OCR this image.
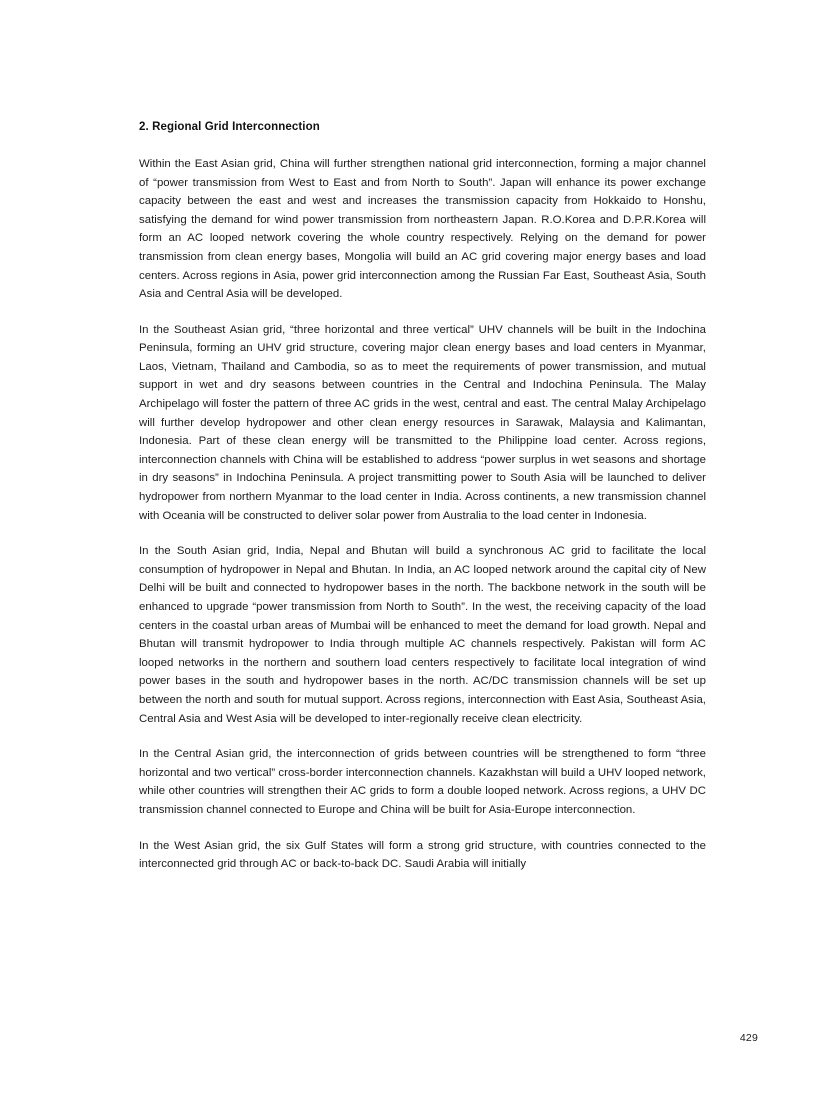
2. Regional Grid Interconnection

Within the East Asian grid, China will further strengthen national grid interconnection, forming a major channel of “power transmission from West to East and from North to South”. Japan will enhance its power exchange capacity between the east and west and increases the transmission capacity from Hokkaido to Honshu, satisfying the demand for wind power transmission from northeastern Japan. R.O.Korea and D.P.R.Korea will form an AC looped network covering the whole country respectively. Relying on the demand for power transmission from clean energy bases, Mongolia will build an AC grid covering major energy bases and load centers. Across regions in Asia, power grid interconnection among the Russian Far East, Southeast Asia, South Asia and Central Asia will be developed.

In the Southeast Asian grid, “three horizontal and three vertical” UHV channels will be built in the Indochina Peninsula, forming an UHV grid structure, covering major clean energy bases and load centers in Myanmar, Laos, Vietnam, Thailand and Cambodia, so as to meet the requirements of power transmission, and mutual support in wet and dry seasons between countries in the Central and Indochina Peninsula. The Malay Archipelago will foster the pattern of three AC grids in the west, central and east. The central Malay Archipelago will further develop hydropower and other clean energy resources in Sarawak, Malaysia and Kalimantan, Indonesia. Part of these clean energy will be transmitted to the Philippine load center. Across regions, interconnection channels with China will be established to address “power surplus in wet seasons and shortage in dry seasons” in Indochina Peninsula. A project transmitting power to South Asia will be launched to deliver hydropower from northern Myanmar to the load center in India. Across continents, a new transmission channel with Oceania will be constructed to deliver solar power from Australia to the load center in Indonesia.

In the South Asian grid, India, Nepal and Bhutan will build a synchronous AC grid to facilitate the local consumption of hydropower in Nepal and Bhutan. In India, an AC looped network around the capital city of New Delhi will be built and connected to hydropower bases in the north. The backbone network in the south will be enhanced to upgrade “power transmission from North to South”. In the west, the receiving capacity of the load centers in the coastal urban areas of Mumbai will be enhanced to meet the demand for load growth. Nepal and Bhutan will transmit hydropower to India through multiple AC channels respectively. Pakistan will form AC looped networks in the northern and southern load centers respectively to facilitate local integration of wind power bases in the south and hydropower bases in the north. AC/DC transmission channels will be set up between the north and south for mutual support. Across regions, interconnection with East Asia, Southeast Asia, Central Asia and West Asia will be developed to inter-regionally receive clean electricity.

In the Central Asian grid, the interconnection of grids between countries will be strengthened to form “three horizontal and two vertical” cross-border interconnection channels. Kazakhstan will build a UHV looped network, while other countries will strengthen their AC grids to form a double looped network. Across regions, a UHV DC transmission channel connected to Europe and China will be built for Asia-Europe interconnection.

In the West Asian grid, the six Gulf States will form a strong grid structure, with countries connected to the interconnected grid through AC or back-to-back DC. Saudi Arabia will initially

429
